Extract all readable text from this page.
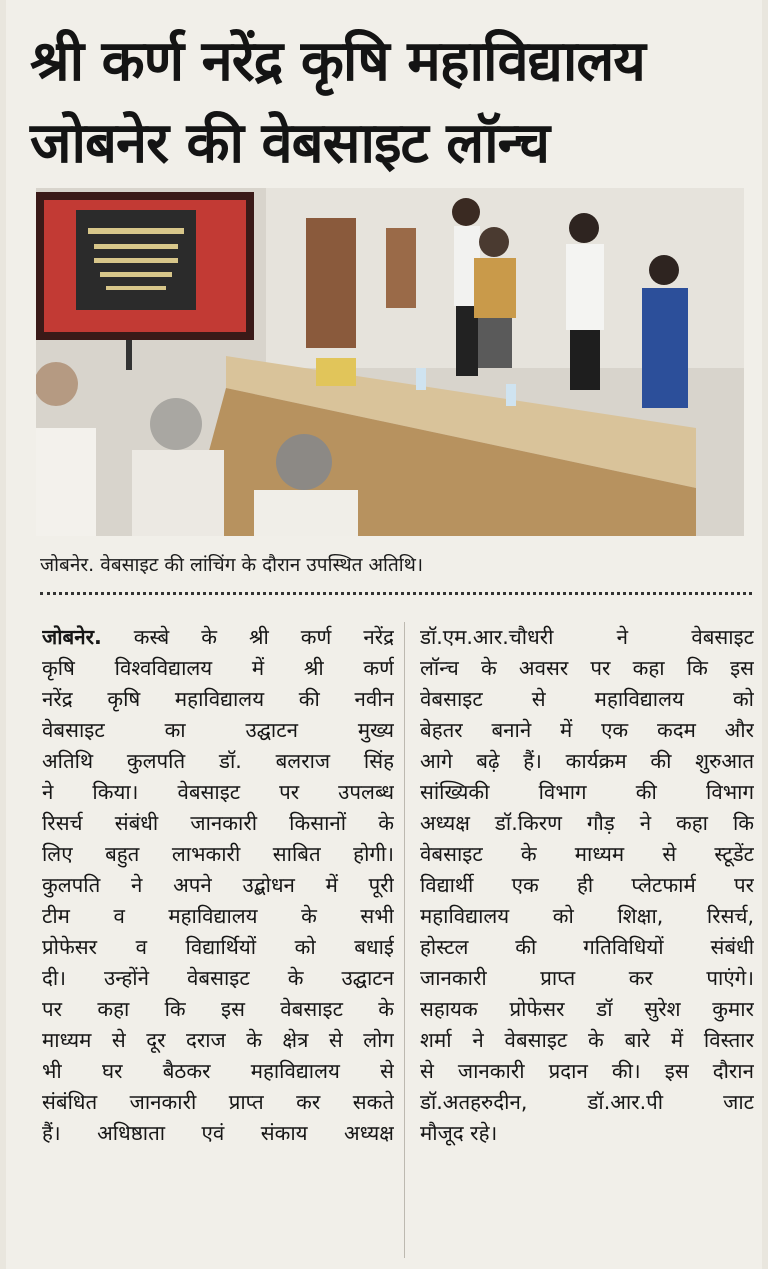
श्री कर्ण नरेंद्र कृषि महाविद्यालय
जोबनेर की वेबसाइट लॉन्च
जोबनेर. वेबसाइट की लांचिंग के दौरान उपस्थित अतिथि।
जोबनेर. कस्बे के श्री कर्ण नरेंद्र
कृषि विश्वविद्यालय में श्री कर्ण
नरेंद्र कृषि महाविद्यालय की नवीन
वेबसाइट का उद्घाटन मुख्य
अतिथि कुलपति डॉ. बलराज सिंह
ने किया। वेबसाइट पर उपलब्ध
रिसर्च संबंधी जानकारी किसानों के
लिए बहुत लाभकारी साबित होगी।
कुलपति ने अपने उद्बोधन में पूरी
टीम व महाविद्यालय के सभी
प्रोफेसर व विद्यार्थियों को बधाई
दी। उन्होंने वेबसाइट के उद्घाटन
पर कहा कि इस वेबसाइट के
माध्यम से दूर दराज के क्षेत्र से लोग
भी घर बैठकर महाविद्यालय से
संबंधित जानकारी प्राप्त कर सकते
हैं। अधिष्ठाता एवं संकाय अध्यक्ष
डॉ.एम.आर.चौधरी ने वेबसाइट
लॉन्च के अवसर पर कहा कि इस
वेबसाइट से महाविद्यालय को
बेहतर बनाने में एक कदम और
आगे बढ़े हैं। कार्यक्रम की शुरुआत
सांख्यिकी विभाग की विभाग
अध्यक्ष डॉ.किरण गौड़ ने कहा कि
वेबसाइट के माध्यम से स्टूडेंट
विद्यार्थी एक ही प्लेटफार्म पर
महाविद्यालय को शिक्षा, रिसर्च,
होस्टल की गतिविधियों संबंधी
जानकारी प्राप्त कर पाएंगे।
सहायक प्रोफेसर डॉ सुरेश कुमार
शर्मा ने वेबसाइट के बारे में विस्तार
से जानकारी प्रदान की। इस दौरान
डॉ.अतहरुदीन, डॉ.आर.पी जाट
मौजूद रहे।
